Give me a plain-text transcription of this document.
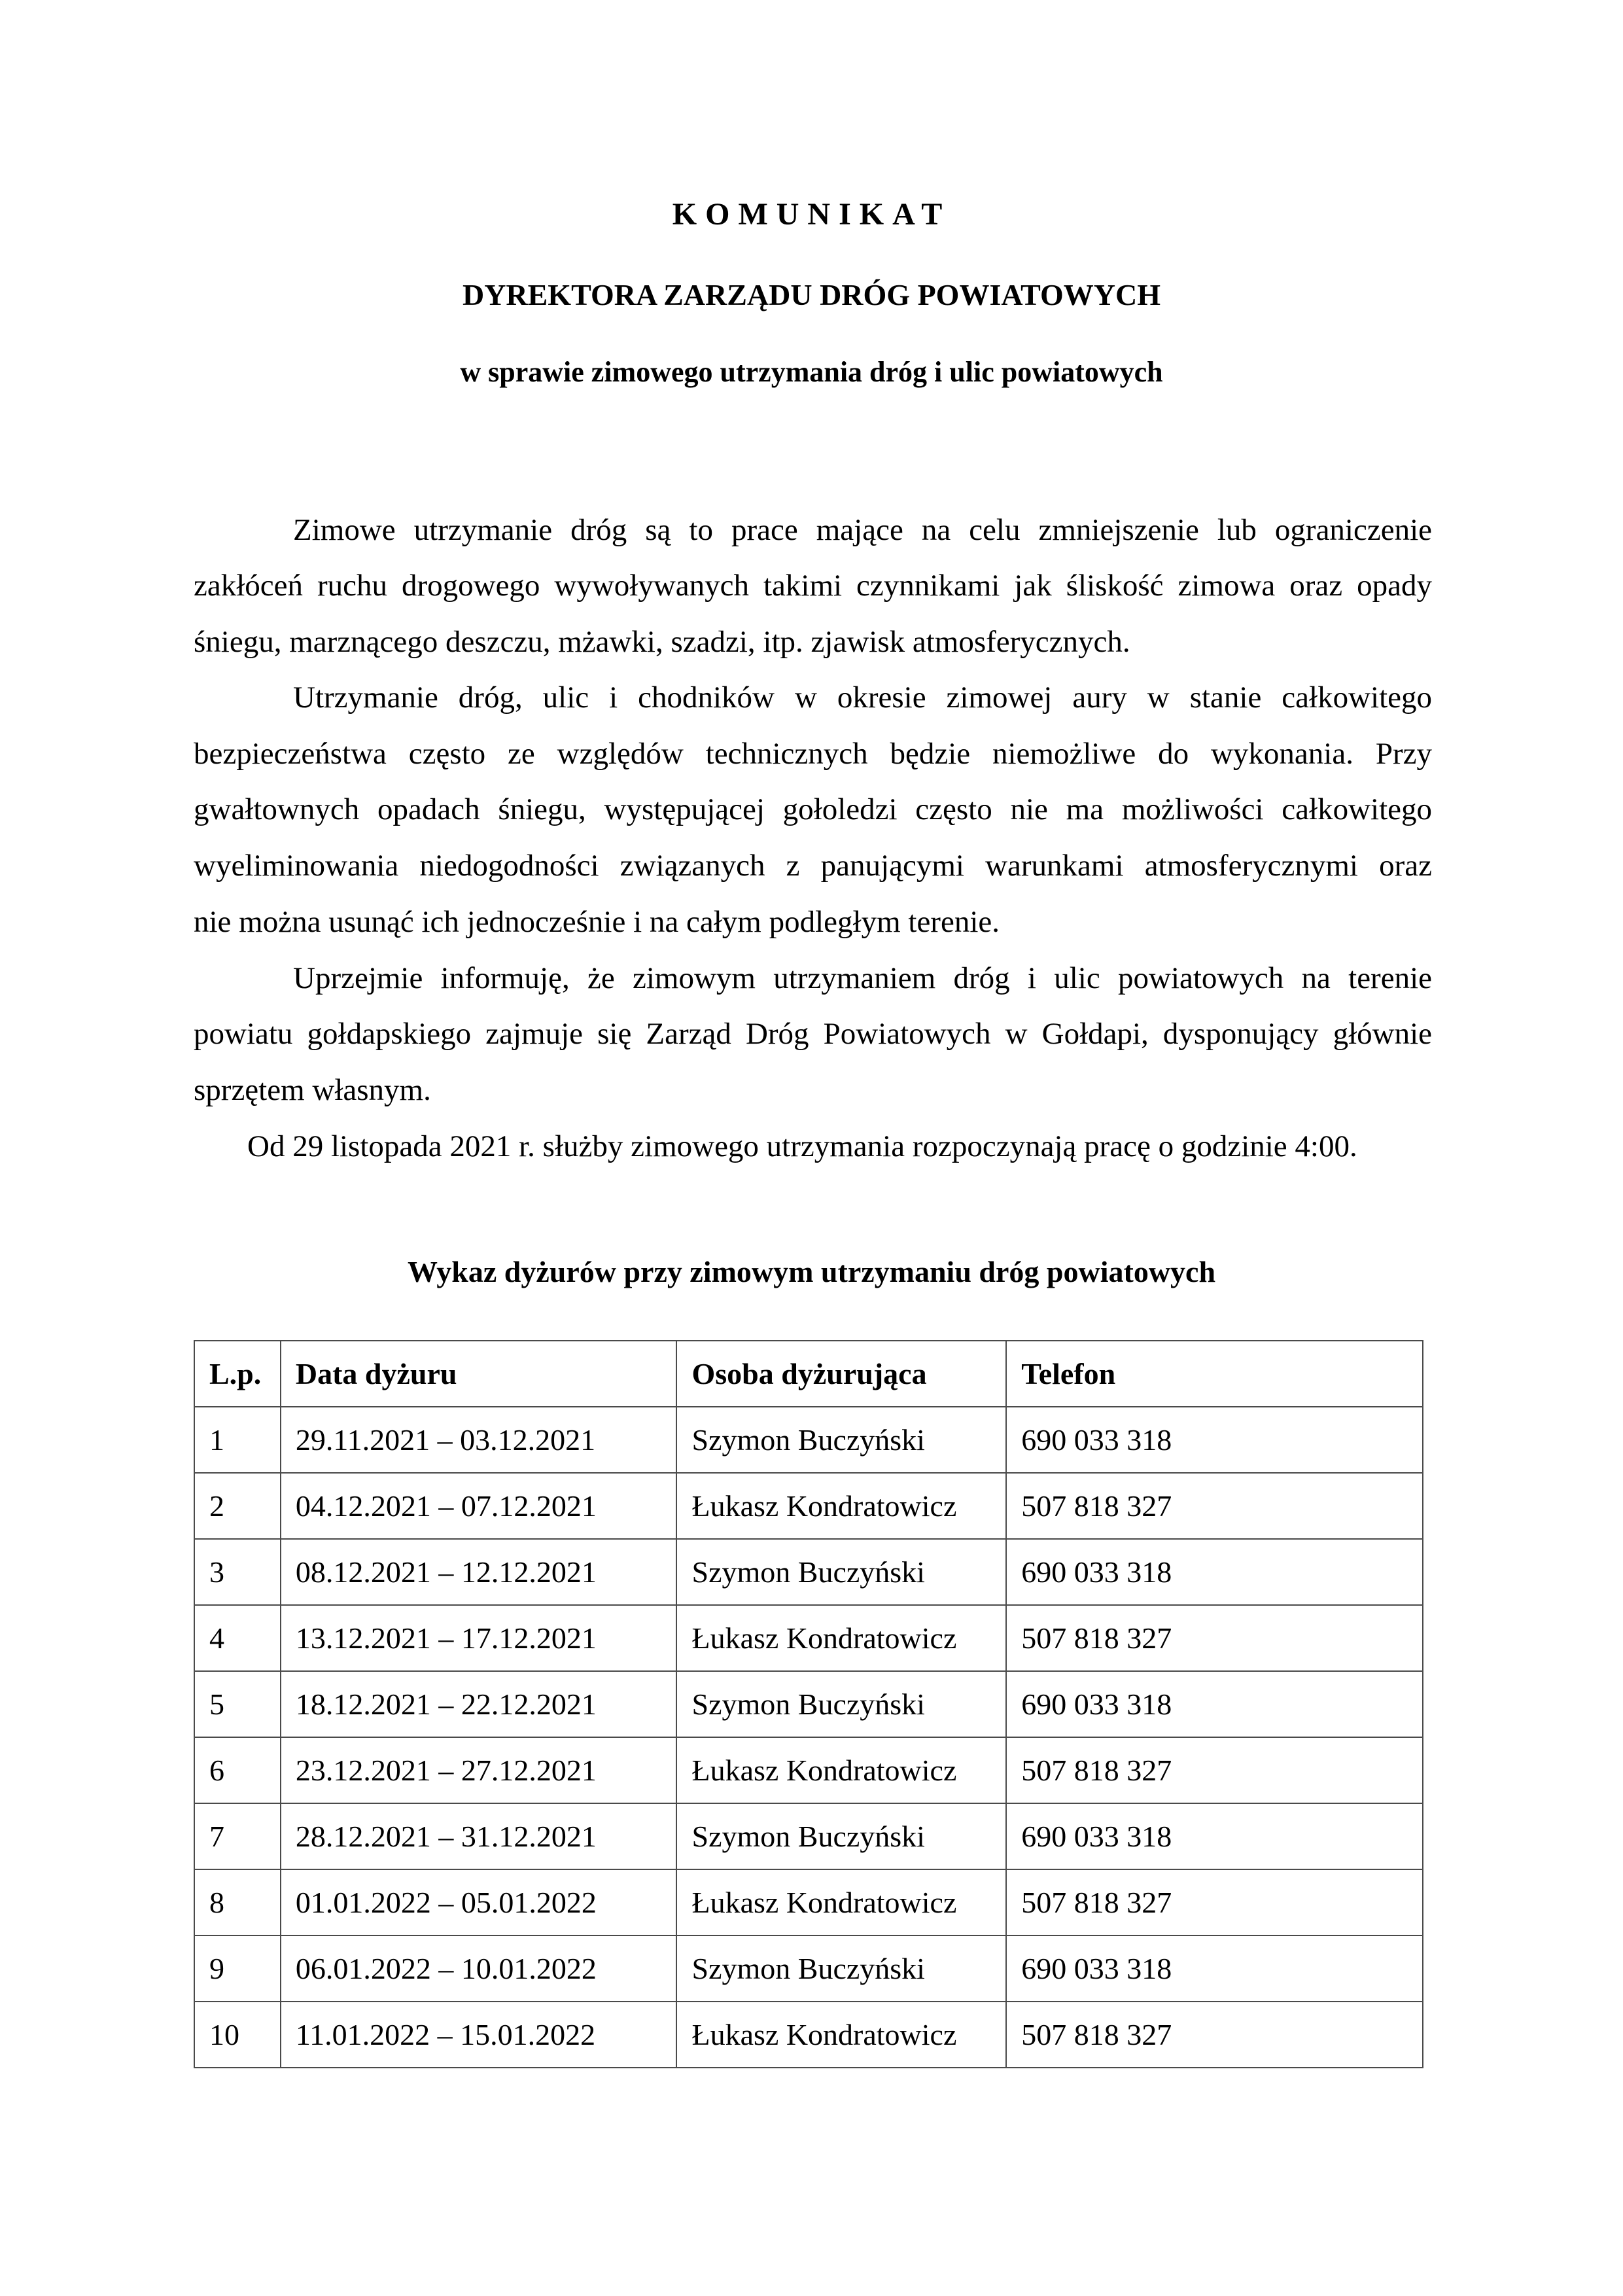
KOMUNIKAT
DYREKTORA ZARZĄDU DRÓG POWIATOWYCH
w sprawie zimowego utrzymania dróg i ulic powiatowych
Zimowe utrzymanie dróg są to prace mające na celu zmniejszenie lub ograniczenie
zakłóceń ruchu drogowego wywoływanych takimi czynnikami jak śliskość zimowa oraz opady
śniegu, marznącego deszczu, mżawki, szadzi, itp. zjawisk atmosferycznych.
Utrzymanie dróg, ulic i chodników w okresie zimowej aury w stanie całkowitego
bezpieczeństwa często ze względów technicznych będzie niemożliwe do wykonania. Przy
gwałtownych opadach śniegu, występującej gołoledzi często nie ma możliwości całkowitego
wyeliminowania niedogodności związanych z panującymi warunkami atmosferycznymi oraz
nie można usunąć ich jednocześnie i na całym podległym terenie.
Uprzejmie informuję, że zimowym utrzymaniem dróg i ulic powiatowych na terenie
powiatu gołdapskiego zajmuje się Zarząd Dróg Powiatowych w Gołdapi, dysponujący głównie
sprzętem własnym.
Od 29 listopada 2021 r. służby zimowego utrzymania rozpoczynają pracę o godzinie 4:00.
Wykaz dyżurów przy zimowym utrzymaniu dróg powiatowych
L.p.	Data dyżuru	Osoba dyżurująca	Telefon
1	29.11.2021 – 03.12.2021	Szymon Buczyński	690 033 318
2	04.12.2021 – 07.12.2021	Łukasz Kondratowicz	507 818 327
3	08.12.2021 – 12.12.2021	Szymon Buczyński	690 033 318
4	13.12.2021 – 17.12.2021	Łukasz Kondratowicz	507 818 327
5	18.12.2021 – 22.12.2021	Szymon Buczyński	690 033 318
6	23.12.2021 – 27.12.2021	Łukasz Kondratowicz	507 818 327
7	28.12.2021 – 31.12.2021	Szymon Buczyński	690 033 318
8	01.01.2022 – 05.01.2022	Łukasz Kondratowicz	507 818 327
9	06.01.2022 – 10.01.2022	Szymon Buczyński	690 033 318
10	11.01.2022 – 15.01.2022	Łukasz Kondratowicz	507 818 327
